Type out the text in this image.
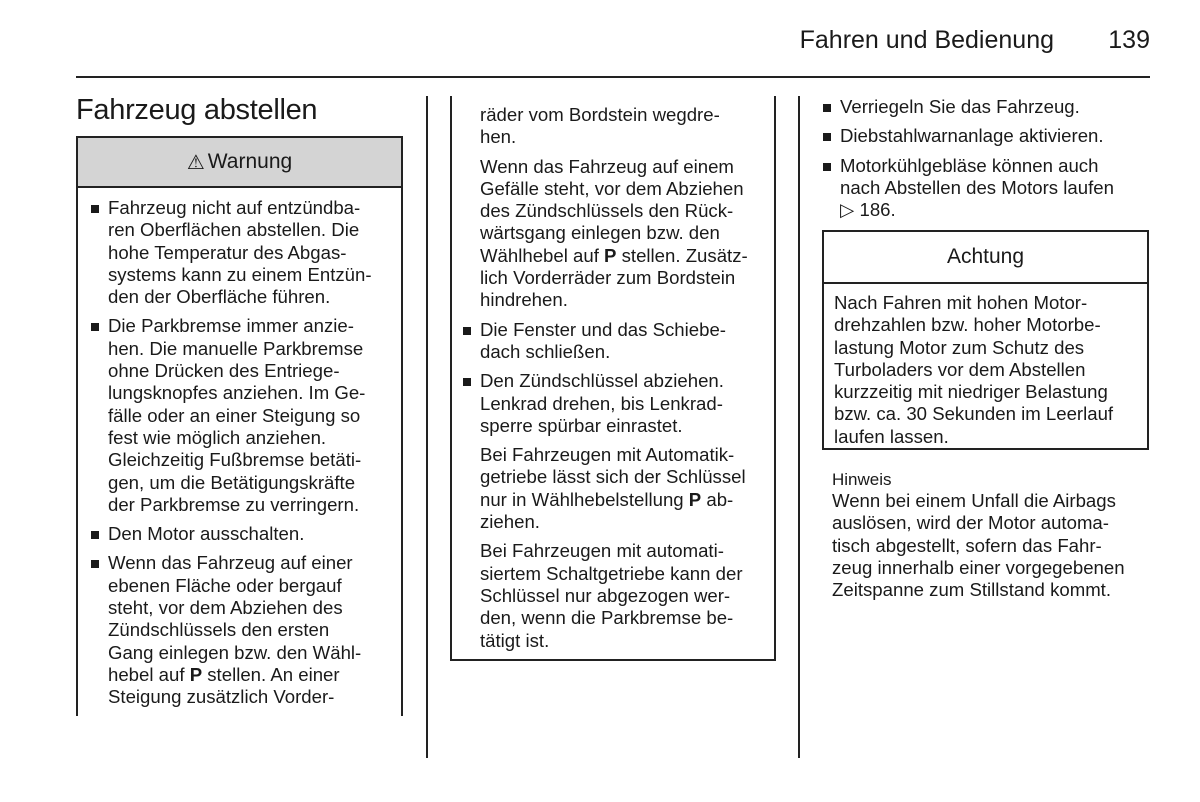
Fahren und Bedienung 139
Fahrzeug abstellen
⚠ Warnung
Fahrzeug nicht auf entzündba-
ren Oberflächen abstellen. Die
hohe Temperatur des Abgas-
systems kann zu einem Entzün-
den der Oberfläche führen.
Die Parkbremse immer anzie-
hen. Die manuelle Parkbremse
ohne Drücken des Entriege-
lungsknopfes anziehen. Im Ge-
fälle oder an einer Steigung so
fest wie möglich anziehen.
Gleichzeitig Fußbremse betäti-
gen, um die Betätigungskräfte
der Parkbremse zu verringern.
Den Motor ausschalten.
Wenn das Fahrzeug auf einer
ebenen Fläche oder bergauf
steht, vor dem Abziehen des
Zündschlüssels den ersten
Gang einlegen bzw. den Wähl-
hebel auf P stellen. An einer
Steigung zusätzlich Vorder-

räder vom Bordstein wegdre-
hen.

Wenn das Fahrzeug auf einem
Gefälle steht, vor dem Abziehen
des Zündschlüssels den Rück-
wärtsgang einlegen bzw. den
Wählhebel auf P stellen. Zusätz-
lich Vorderräder zum Bordstein
hindrehen.

Die Fenster und das Schiebe-
dach schließen.
Den Zündschlüssel abziehen.
Lenkrad drehen, bis Lenkrad-
sperre spürbar einrastet.

Bei Fahrzeugen mit Automatik-
getriebe lässt sich der Schlüssel
nur in Wählhebelstellung P ab-
ziehen.

Bei Fahrzeugen mit automati-
siertem Schaltgetriebe kann der
Schlüssel nur abgezogen wer-
den, wenn die Parkbremse be-
tätigt ist.

Verriegeln Sie das Fahrzeug.
Diebstahlwarnanlage aktivieren.
Motorkühlgebläse können auch
nach Abstellen des Motors laufen
▷ 186.
Achtung
Nach Fahren mit hohen Motor-
drehzahlen bzw. hoher Motorbe-
lastung Motor zum Schutz des
Turboladers vor dem Abstellen
kurzzeitig mit niedriger Belastung
bzw. ca. 30 Sekunden im Leerlauf
laufen lassen.
Hinweis
Wenn bei einem Unfall die Airbags
auslösen, wird der Motor automa-
tisch abgestellt, sofern das Fahr-
zeug innerhalb einer vorgegebenen
Zeitspanne zum Stillstand kommt.
